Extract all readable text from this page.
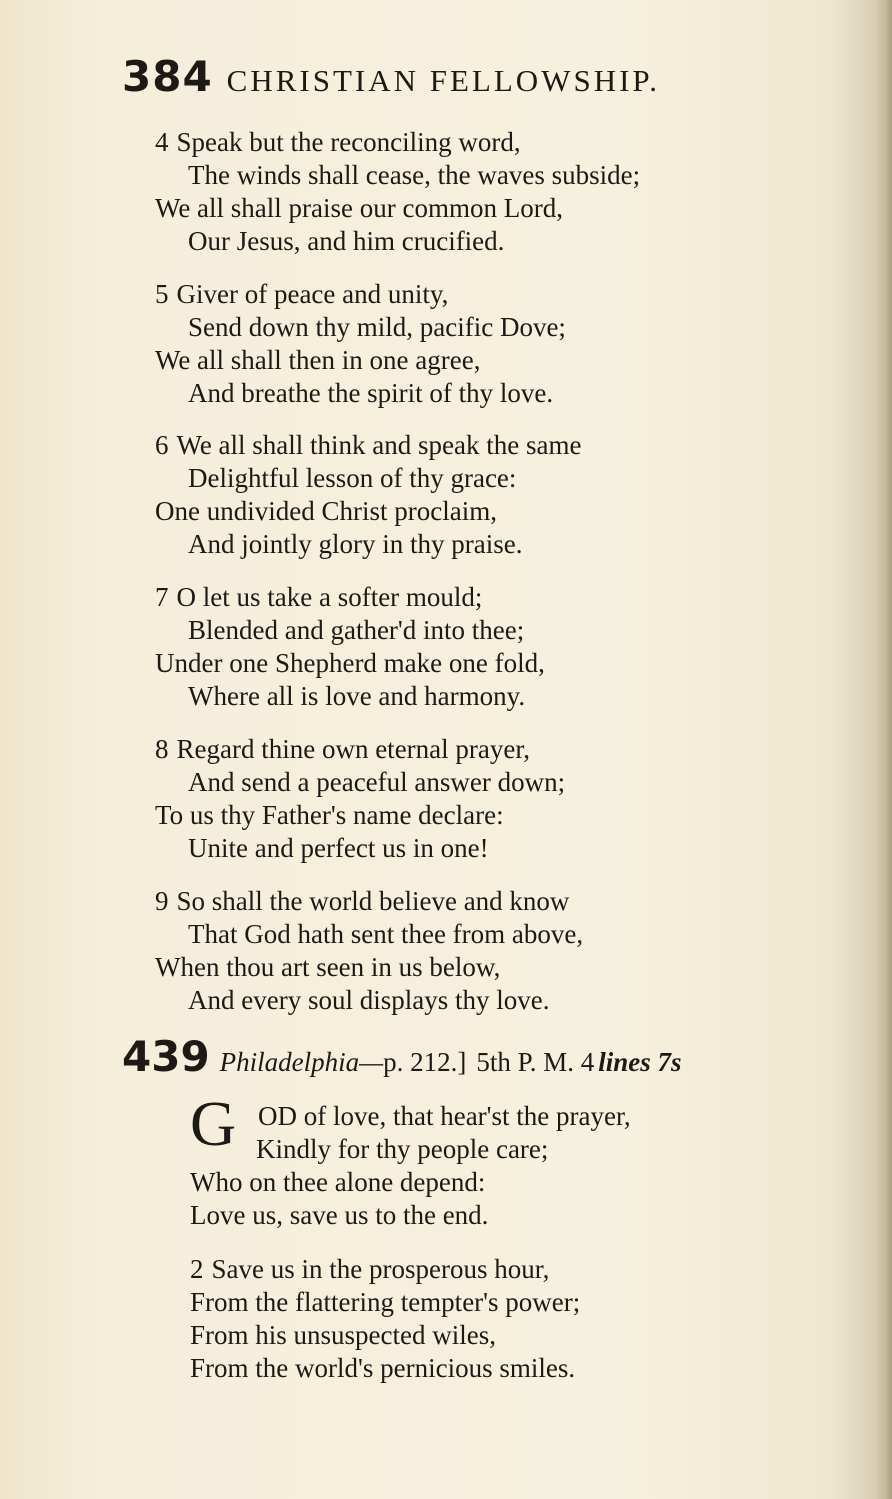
384 CHRISTIAN FELLOWSHIP.
4 Speak but the reconciling word,
The winds shall cease, the waves subside;
We all shall praise our common Lord,
Our Jesus, and him crucified.
5 Giver of peace and unity,
Send down thy mild, pacific Dove;
We all shall then in one agree,
And breathe the spirit of thy love.
6 We all shall think and speak the same
Delightful lesson of thy grace:
One undivided Christ proclaim,
And jointly glory in thy praise.
7 O let us take a softer mould;
Blended and gather'd into thee;
Under one Shepherd make one fold,
Where all is love and harmony.
8 Regard thine own eternal prayer,
And send a peaceful answer down;
To us thy Father's name declare:
Unite and perfect us in one!
9 So shall the world believe and know
That God hath sent thee from above,
When thou art seen in us below,
And every soul displays thy love.
439 Philadelphia—p. 212.] 5th P. M. 4 lines 7s
G OD of love, that hear'st the prayer,
Kindly for thy people care;
Who on thee alone depend:
Love us, save us to the end.
2 Save us in the prosperous hour,
From the flattering tempter's power;
From his unsuspected wiles,
From the world's pernicious smiles.
